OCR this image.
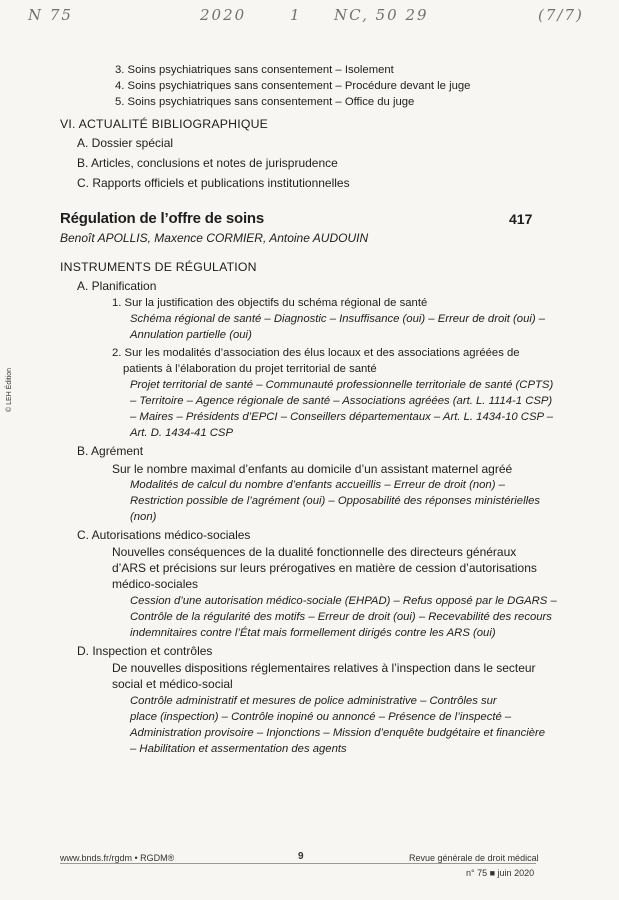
N 75	2020	1 NC, 50 29	(7/7)
© LEH Édition
3. Soins psychiatriques sans consentement – Isolement
4. Soins psychiatriques sans consentement – Procédure devant le juge
5. Soins psychiatriques sans consentement – Office du juge
VI. ACTUALITÉ BIBLIOGRAPHIQUE
A. Dossier spécial
B. Articles, conclusions et notes de jurisprudence
C. Rapports officiels et publications institutionnelles
Régulation de l’offre de soins	417
Benoît APOLLIS, Maxence CORMIER, Antoine AUDOUIN
INSTRUMENTS DE RÉGULATION
A. Planification
1. Sur la justification des objectifs du schéma régional de santé
Schéma régional de santé – Diagnostic – Insuffisance (oui) – Erreur de droit (oui) –
Annulation partielle (oui)
2. Sur les modalités d’association des élus locaux et des associations agréées de
patients à l’élaboration du projet territorial de santé
Projet territorial de santé – Communauté professionnelle territoriale de santé (CPTS)
– Territoire – Agence régionale de santé – Associations agréées (art. L. 1114-1 CSP)
– Maires – Présidents d’EPCI – Conseillers départementaux – Art. L. 1434-10 CSP –
Art. D. 1434-41 CSP
B. Agrément
Sur le nombre maximal d’enfants au domicile d’un assistant maternel agréé
Modalités de calcul du nombre d’enfants accueillis – Erreur de droit (non) –
Restriction possible de l’agrément (oui) – Opposabilité des réponses ministérielles
(non)
C. Autorisations médico-sociales
Nouvelles conséquences de la dualité fonctionnelle des directeurs généraux
d’ARS et précisions sur leurs prérogatives en matière de cession d’autorisations
médico-sociales
Cession d’une autorisation médico-sociale (EHPAD) – Refus opposé par le DGARS –
Contrôle de la régularité des motifs – Erreur de droit (oui) – Recevabilité des recours
indemnitaires contre l’État mais formellement dirigés contre les ARS (oui)
D. Inspection et contrôles
De nouvelles dispositions réglementaires relatives à l’inspection dans le secteur
social et médico-social
Contrôle administratif et mesures de police administrative – Contrôles sur
place (inspection) – Contrôle inopiné ou annoncé – Présence de l’inspecté –
Administration provisoire – Injonctions – Mission d’enquête budgétaire et financière
– Habilitation et assermentation des agents
www.bnds.fr/rgdm • RGDM®	9	Revue générale de droit médical
n° 75 ■ juin 2020
